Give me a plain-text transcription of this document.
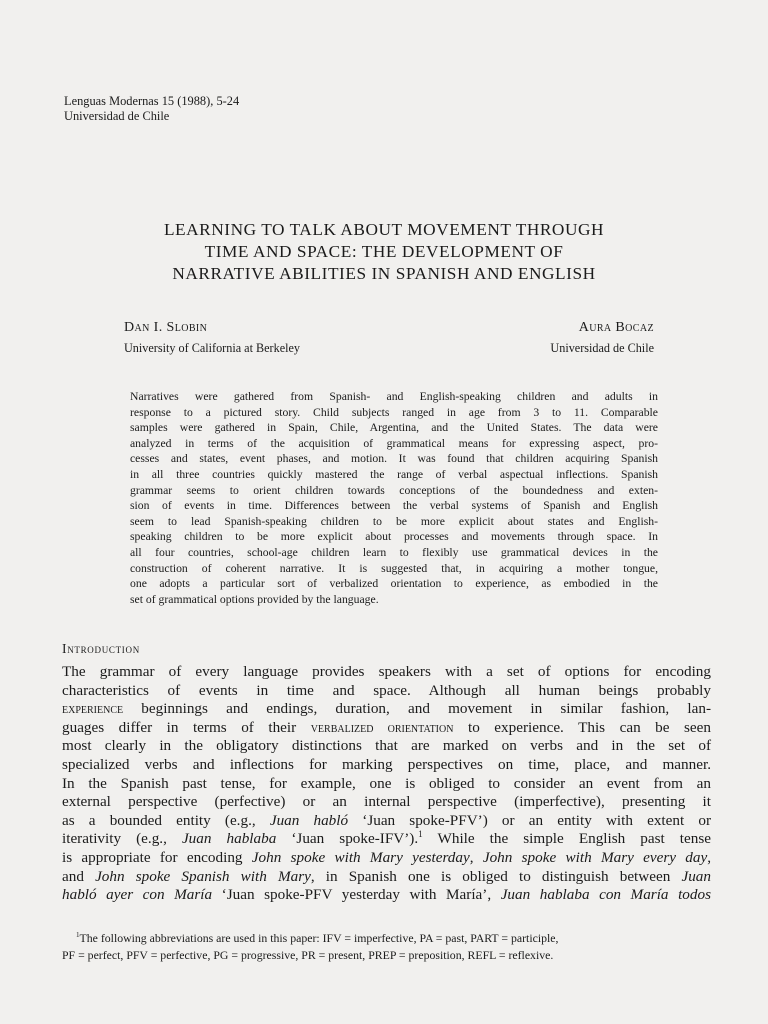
Lenguas Modernas 15 (1988), 5-24
Universidad de Chile
LEARNING TO TALK ABOUT MOVEMENT THROUGH
TIME AND SPACE: THE DEVELOPMENT OF
NARRATIVE ABILITIES IN SPANISH AND ENGLISH
Dan I. Slobin
University of California at Berkeley
Aura Bocaz
Universidad de Chile
Narratives were gathered from Spanish- and English-speaking children and adults in
response to a pictured story. Child subjects ranged in age from 3 to 11. Comparable
samples were gathered in Spain, Chile, Argentina, and the United States. The data were
analyzed in terms of the acquisition of grammatical means for expressing aspect, pro-
cesses and states, event phases, and motion. It was found that children acquiring Spanish
in all three countries quickly mastered the range of verbal aspectual inflections. Spanish
grammar seems to orient children towards conceptions of the boundedness and exten-
sion of events in time. Differences between the verbal systems of Spanish and English
seem to lead Spanish-speaking children to be more explicit about states and English-
speaking children to be more explicit about processes and movements through space. In
all four countries, school-age children learn to flexibly use grammatical devices in the
construction of coherent narrative. It is suggested that, in acquiring a mother tongue,
one adopts a particular sort of verbalized orientation to experience, as embodied in the
set of grammatical options provided by the language.
Introduction
The grammar of every language provides speakers with a set of options for encoding
characteristics of events in time and space. Although all human beings probably
experience beginnings and endings, duration, and movement in similar fashion, lan-
guages differ in terms of their verbalized orientation to experience. This can be seen
most clearly in the obligatory distinctions that are marked on verbs and in the set of
specialized verbs and inflections for marking perspectives on time, place, and manner.
In the Spanish past tense, for example, one is obliged to consider an event from an
external perspective (perfective) or an internal perspective (imperfective), presenting it
as a bounded entity (e.g., Juan habló ‘Juan spoke-PFV’) or an entity with extent or
iterativity (e.g., Juan hablaba ‘Juan spoke-IFV’).$^1$ While the simple English past tense
is appropriate for encoding John spoke with Mary yesterday, John spoke with Mary every day,
and John spoke Spanish with Mary, in Spanish one is obliged to distinguish between Juan
habló ayer con María ‘Juan spoke-PFV yesterday with María’, Juan hablaba con María todos
$^1$The following abbreviations are used in this paper: IFV = imperfective, PA = past, PART = participle,
PF = perfect, PFV = perfective, PG = progressive, PR = present, PREP = preposition, REFL = reflexive.
